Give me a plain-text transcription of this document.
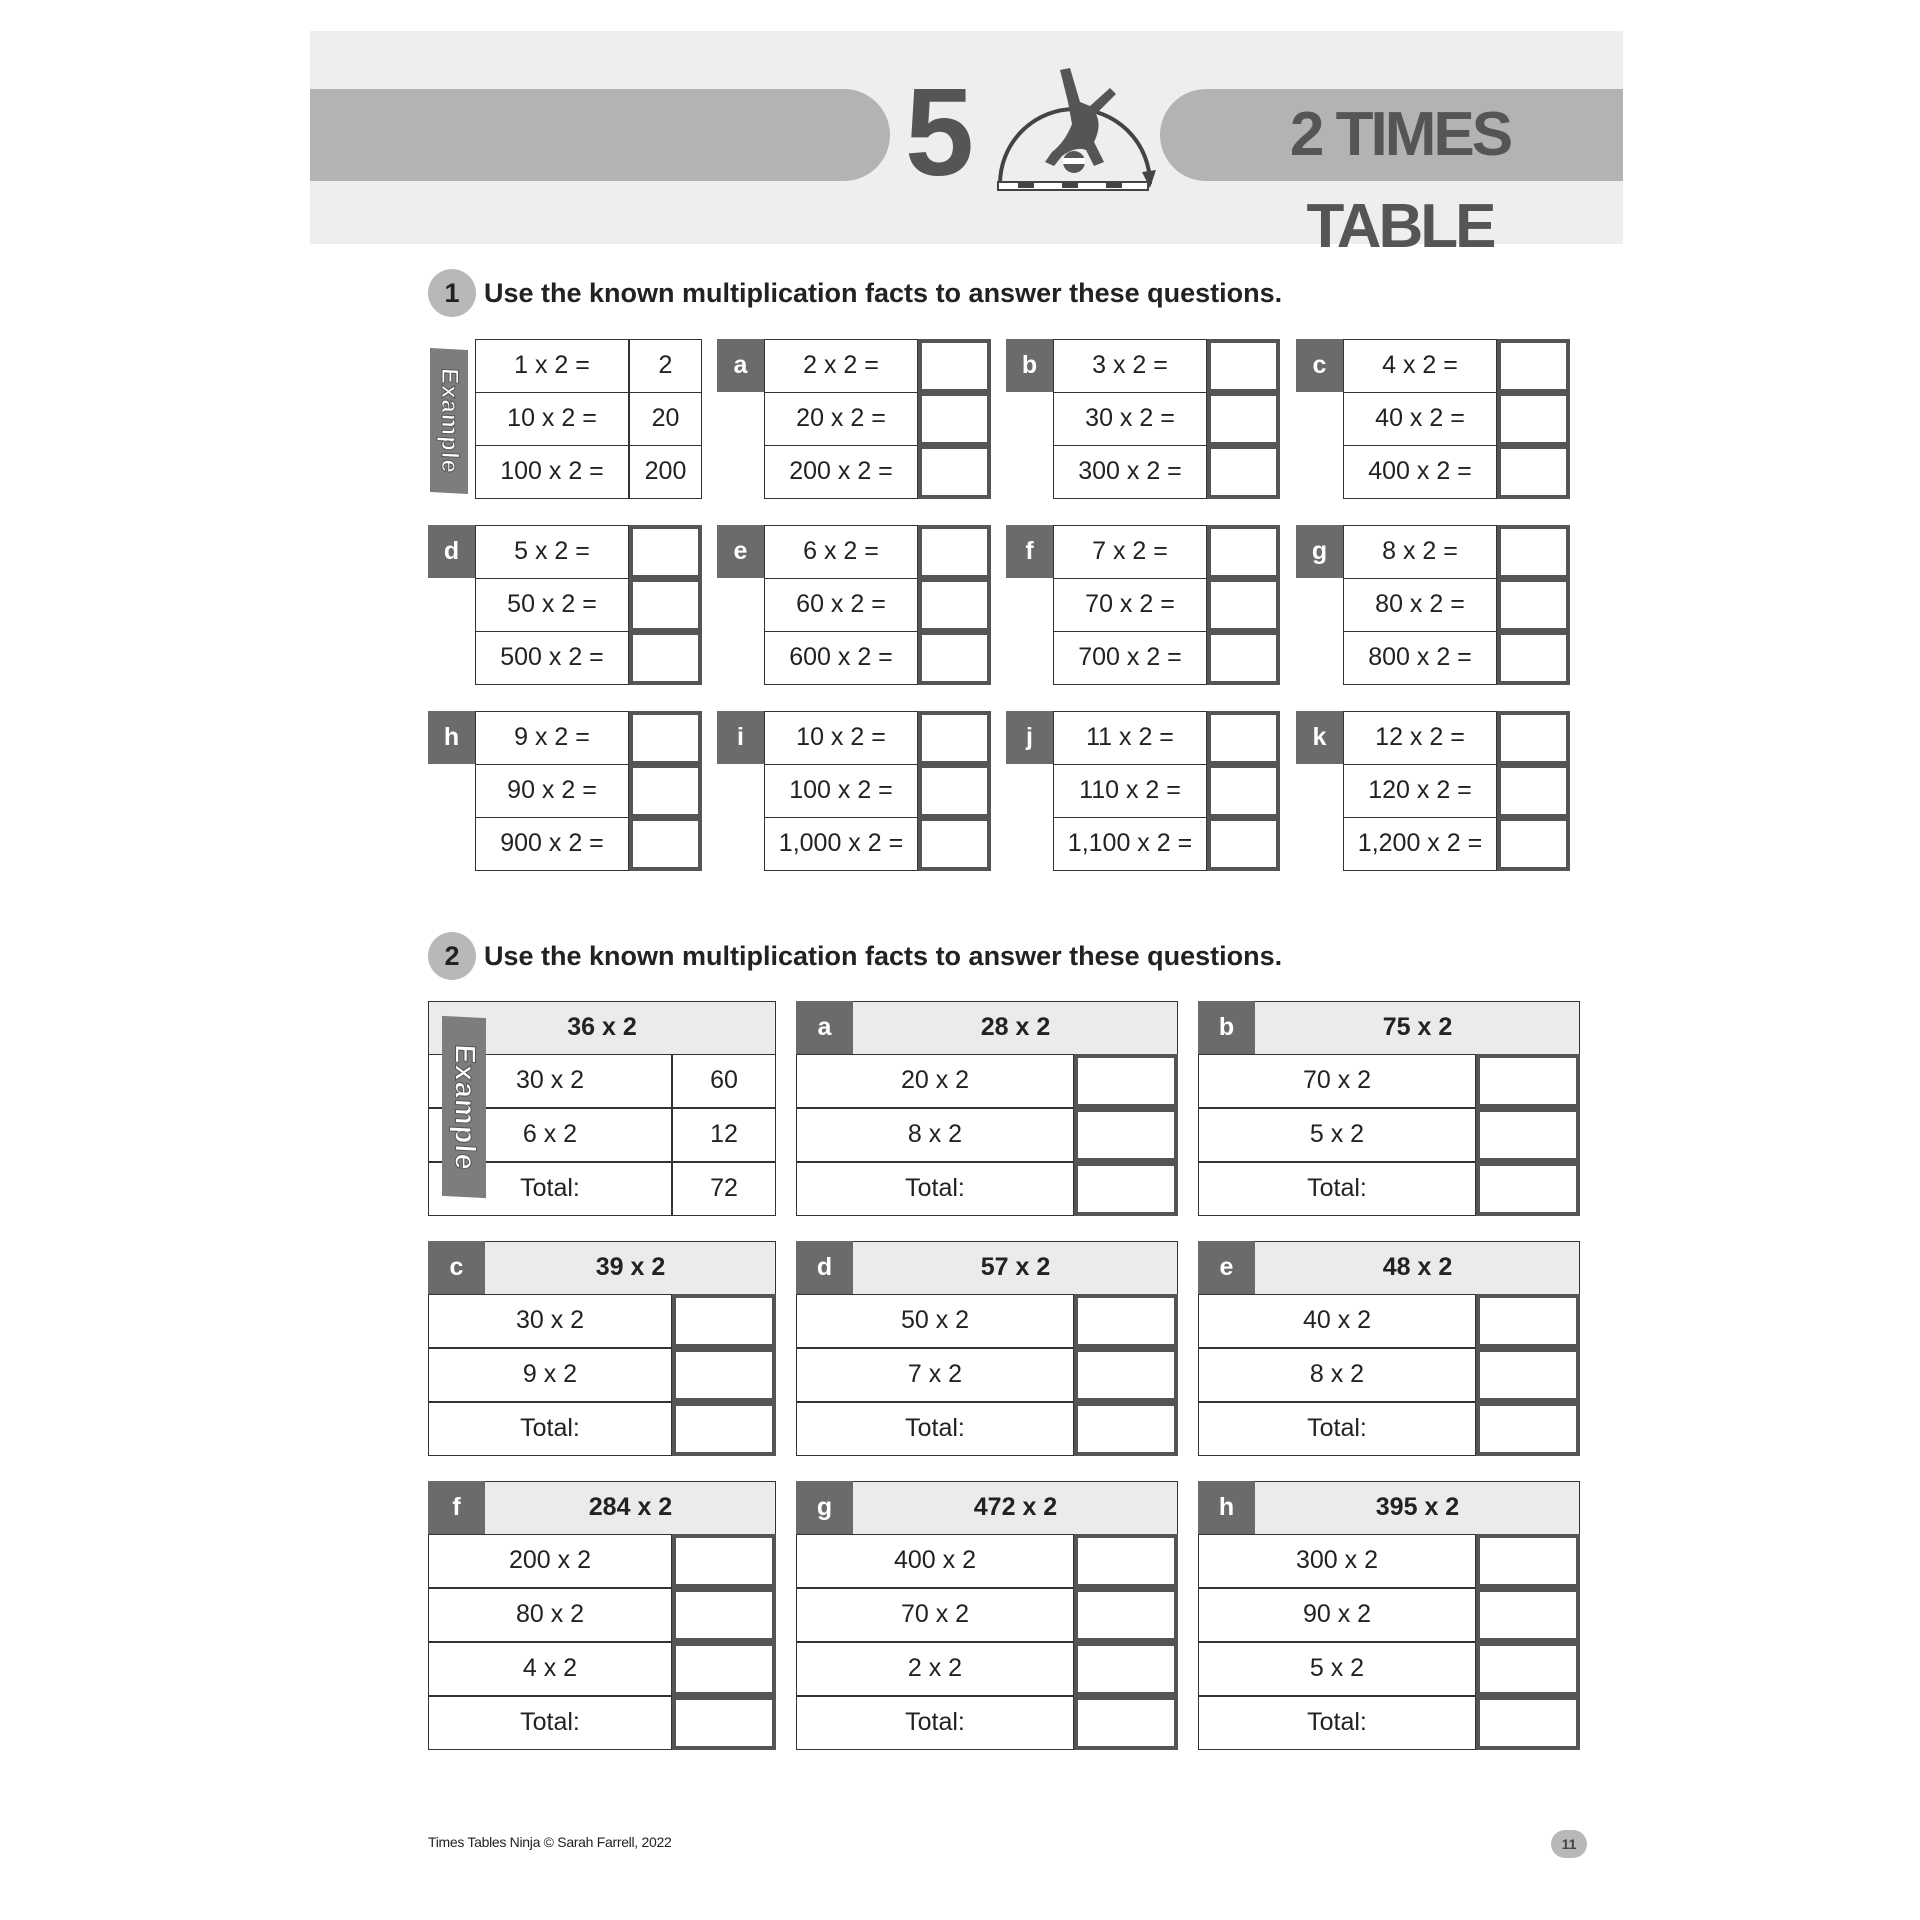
5	2 TIMES TABLE
1 Use the known multiplication facts to answer these questions.
Example
1 x 2 =	2
10 x 2 =	20
100 x 2 =	200
a	2 x 2 =
20 x 2 =
200 x 2 =
b	3 x 2 =
30 x 2 =
300 x 2 =
c	4 x 2 =
40 x 2 =
400 x 2 =
d	5 x 2 =
50 x 2 =
500 x 2 =
e	6 x 2 =
60 x 2 =
600 x 2 =
f	7 x 2 =
70 x 2 =
700 x 2 =
g	8 x 2 =
80 x 2 =
800 x 2 =
h	9 x 2 =
90 x 2 =
900 x 2 =
i	10 x 2 =
100 x 2 =
1,000 x 2 =
j	11 x 2 =
110 x 2 =
1,100 x 2 =
k	12 x 2 =
120 x 2 =
1,200 x 2 =
2 Use the known multiplication facts to answer these questions.
36 x 2
30 x 2	60
6 x 2	12
Total:	72
Example
28 x 2
a
20 x 2
8 x 2
Total:
75 x 2
b
70 x 2
5 x 2
Total:
39 x 2
c
30 x 2
9 x 2
Total:
57 x 2
d
50 x 2
7 x 2
Total:
48 x 2
e
40 x 2
8 x 2
Total:
284 x 2
f
200 x 2
80 x 2
4 x 2
Total:
472 x 2
g
400 x 2
70 x 2
2 x 2
Total:
395 x 2
h
300 x 2
90 x 2
5 x 2
Total:
Times Tables Ninja © Sarah Farrell, 2022	11
